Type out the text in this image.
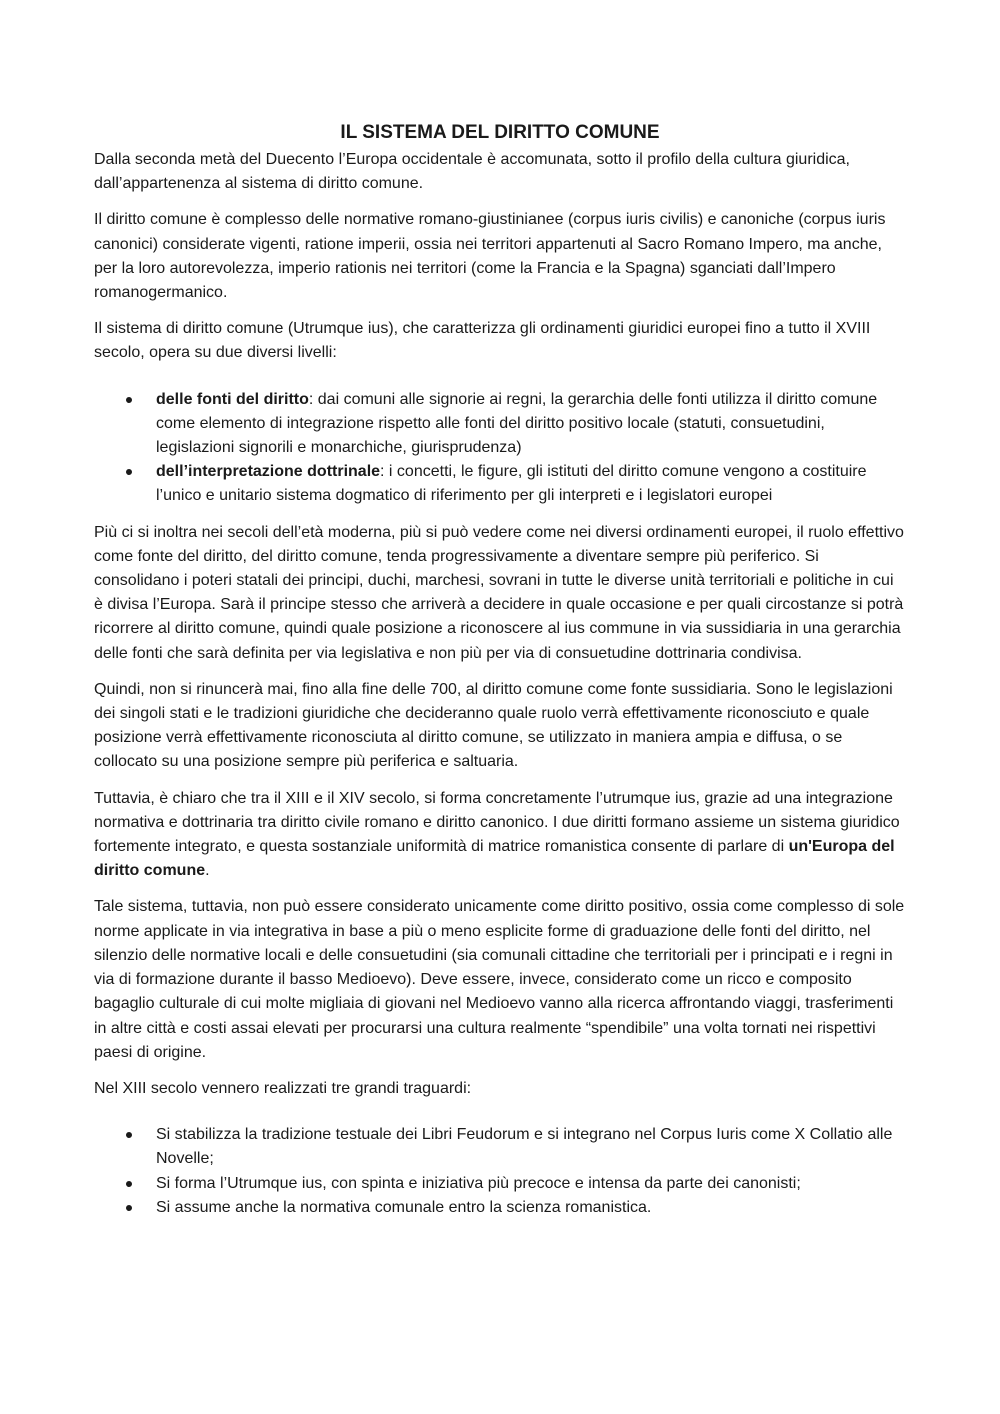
IL SISTEMA DEL DIRITTO COMUNE

Dalla seconda metà del Duecento l’Europa occidentale è accomunata, sotto il profilo della cultura giuridica, dall’appartenenza al sistema di diritto comune.

Il diritto comune è complesso delle normative romano-giustinianee (corpus iuris civilis) e canoniche (corpus iuris canonici) considerate vigenti, ratione imperii, ossia nei territori appartenuti al Sacro Romano Impero, ma anche, per la loro autorevolezza, imperio rationis nei territori (come la Francia e la Spagna) sganciati dall’Impero romanogermanico.

Il sistema di diritto comune (Utrumque ius), che caratterizza gli ordinamenti giuridici europei fino a tutto il XVIII secolo, opera su due diversi livelli:

delle fonti del diritto: dai comuni alle signorie ai regni, la gerarchia delle fonti utilizza il diritto comune come elemento di integrazione rispetto alle fonti del diritto positivo locale (statuti, consuetudini, legislazioni signorili e monarchiche, giurisprudenza)
dell’interpretazione dottrinale: i concetti, le figure, gli istituti del diritto comune vengono a costituire l’unico e unitario sistema dogmatico di riferimento per gli interpreti e i legislatori europei

Più ci si inoltra nei secoli dell’età moderna, più si può vedere come nei diversi ordinamenti europei, il ruolo effettivo come fonte del diritto, del diritto comune, tenda progressivamente a diventare sempre più periferico. Si consolidano i poteri statali dei principi, duchi, marchesi, sovrani in tutte le diverse unità territoriali e politiche in cui è divisa l’Europa. Sarà il principe stesso che arriverà a decidere in quale occasione e per quali circostanze si potrà ricorrere al diritto comune, quindi quale posizione a riconoscere al ius commune in via sussidiaria in una gerarchia delle fonti che sarà definita per via legislativa e non più per via di consuetudine dottrinaria condivisa.

Quindi, non si rinuncerà mai, fino alla fine delle 700, al diritto comune come fonte sussidiaria. Sono le legislazioni dei singoli stati e le tradizioni giuridiche che decideranno quale ruolo verrà effettivamente riconosciuto e quale posizione verrà effettivamente riconosciuta al diritto comune, se utilizzato in maniera ampia e diffusa, o se collocato su una posizione sempre più periferica e saltuaria.

Tuttavia, è chiaro che tra il XIII e il XIV secolo, si forma concretamente l’utrumque ius, grazie ad una integrazione normativa e dottrinaria tra diritto civile romano e diritto canonico. I due diritti formano assieme un sistema giuridico fortemente integrato, e questa sostanziale uniformità di matrice romanistica consente di parlare di un'Europa del diritto comune.

Tale sistema, tuttavia, non può essere considerato unicamente come diritto positivo, ossia come complesso di sole norme applicate in via integrativa in base a più o meno esplicite forme di graduazione delle fonti del diritto, nel silenzio delle normative locali e delle consuetudini (sia comunali cittadine che territoriali per i principati e i regni in via di formazione durante il basso Medioevo). Deve essere, invece, considerato come un ricco e composito bagaglio culturale di cui molte migliaia di giovani nel Medioevo vanno alla ricerca affrontando viaggi, trasferimenti in altre città e costi assai elevati per procurarsi una cultura realmente “spendibile” una volta tornati nei rispettivi paesi di origine.

Nel XIII secolo vennero realizzati tre grandi traguardi:

Si stabilizza la tradizione testuale dei Libri Feudorum e si integrano nel Corpus Iuris come X Collatio alle Novelle;
Si forma l’Utrumque ius, con spinta e iniziativa più precoce e intensa da parte dei canonisti;
Si assume anche la normativa comunale entro la scienza romanistica.
